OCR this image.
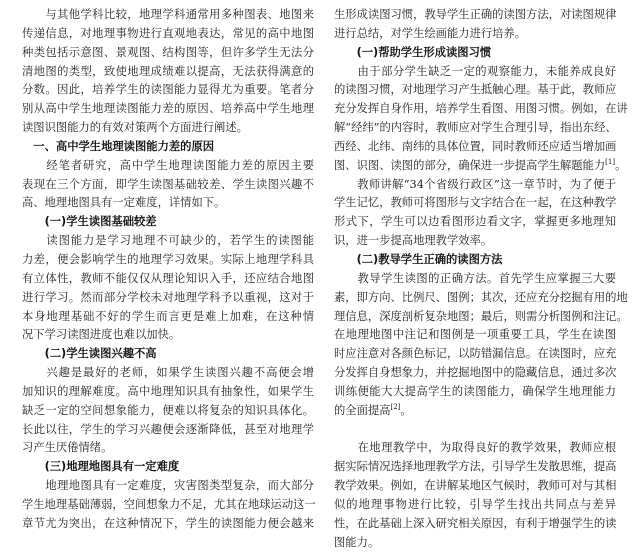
　　与其他学科比较，地理学科通常用多种图表、地图来
传递信息，对地理事物进行直观地表达，常见的高中地图
种类包括示意图、景观图、结构图等，但许多学生无法分
清地图的类型，致使地理成绩难以提高，无法获得满意的
分数。因此，培养学生的读图能力显得尤为重要。笔者分
别从高中学生地理读图能力差的原因、培养高中学生地理
读图识图能力的有效对策两个方面进行阐述。
　一、高中学生地理读图能力差的原因
　　经笔者研究，高中学生地理读图能力差的原因主要
表现在三个方面，即学生读图基础较差、学生读图兴趣不
高、地理地图具有一定难度，详情如下。
　　(一)学生读图基础较差
　　读图能力是学习地理不可缺少的，若学生的读图能
力差，便会影响学生的地理学习效果。实际上地理学科具
有立体性，教师不能仅仅从理论知识入手，还应结合地图
进行学习。然而部分学校未对地理学科予以重视，这对于
本身地理基础不好的学生而言更是难上加难，在这种情
况下学习读图进度也难以加快。
　　(二)学生读图兴趣不高
　　兴趣是最好的老师，如果学生读图兴趣不高便会增
加知识的理解难度。高中地理知识具有抽象性，如果学生
缺乏一定的空间想象能力，便难以将复杂的知识具体化。
长此以往，学生的学习兴趣便会逐渐降低，甚至对地理学
习产生厌倦情绪。
　　(三)地理地图具有一定难度
　　地理地图具有一定难度，灾害图类型复杂，而大部分
学生地理基础薄弱，空间想象力不足，尤其在地球运动这一
章节尤为突出，在这种情况下，学生的读图能力便会越来
生形成读图习惯，教导学生正确的读图方法，对读图规律
进行总结，对学生绘画能力进行培养。
　　(一)帮助学生形成读图习惯
　　由于部分学生缺乏一定的观察能力，未能养成良好
的读图习惯，对地理学习产生抵触心理。基于此，教师应
充分发挥自身作用，培养学生看图、用图习惯。例如，在讲
解“经纬”的内容时，教师应对学生合理引导，指出东经、
西经、北纬、南纬的具体位置，同时教师还应适当增加画
图、识图、读图的部分，确保进一步提高学生解题能力[1]。
　　教师讲解“34个省级行政区”这一章节时，为了便于
学生记忆，教师可将图形与文字结合在一起，在这种教学
形式下，学生可以边看图形边看文字，掌握更多地理知
识，进一步提高地理教学效率。
　　(二)教导学生正确的读图方法
　　教导学生读图的正确方法。首先学生应掌握三大要
素，即方向、比例尺、图例；其次，还应充分挖掘有用的地
理信息，深度剖析复杂地图；最后，则需分析图例和注记。
在地理地图中注记和图例是一项重要工具，学生在读图
时应注意对各颜色标记，以防错漏信息。在读图时，应充
分发挥自身想象力，并挖掘地图中的隐藏信息，通过多次
训练便能大大提高学生的读图能力，确保学生地理能力
的全面提高[2]。
　　在地理教学中，为取得良好的教学效果，教师应根
据实际情况选择地理教学方法，引导学生发散思维，提高
教学效果。例如，在讲解某地区气候时，教师可对与其相
似的地理事物进行比较，引导学生找出共同点与差异
性，在此基础上深入研究相关原因，有利于增强学生的读
图能力。
